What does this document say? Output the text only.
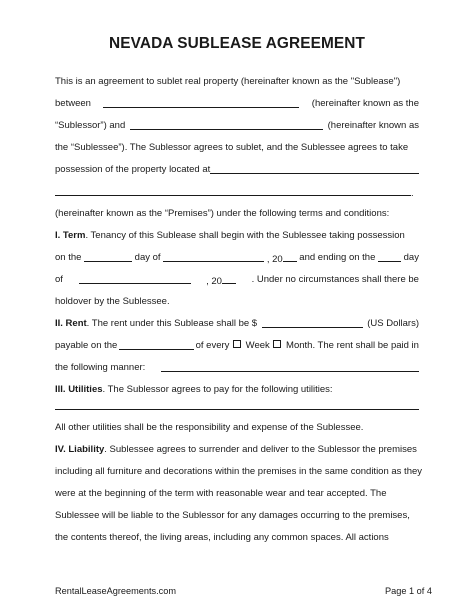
NEVADA SUBLEASE AGREEMENT
This is an agreement to sublet real property (hereinafter known as the "Sublease")
between	(hereinafter known as the
“Sublessor”) and	(hereinafter known as
the “Sublessee”). The Sublessor agrees to sublet, and the Sublessee agrees to take
possession of the property located at
.
(hereinafter known as the “Premises”) under the following terms and conditions:
I. Term. Tenancy of this Sublease shall begin with the Sublessee taking possession
on the	day of	, 20	and ending on the	day
of	, 20	. Under no circumstances shall there be
holdover by the Sublessee.
II. Rent. The rent under this Sublease shall be $	(US Dollars)
payable on the	of every	Week	Month. The rent shall be paid in
the following manner:
III. Utilities. The Sublessor agrees to pay for the following utilities:
All other utilities shall be the responsibility and expense of the Sublessee.
IV. Liability. Sublessee agrees to surrender and deliver to the Sublessor the premises
including all furniture and decorations within the premises in the same condition as they
were at the beginning of the term with reasonable wear and tear accepted. The
Sublessee will be liable to the Sublessor for any damages occurring to the premises,
the contents thereof, the living areas, including any common spaces. All actions
RentalLeaseAgreements.com	Page 1 of 4
